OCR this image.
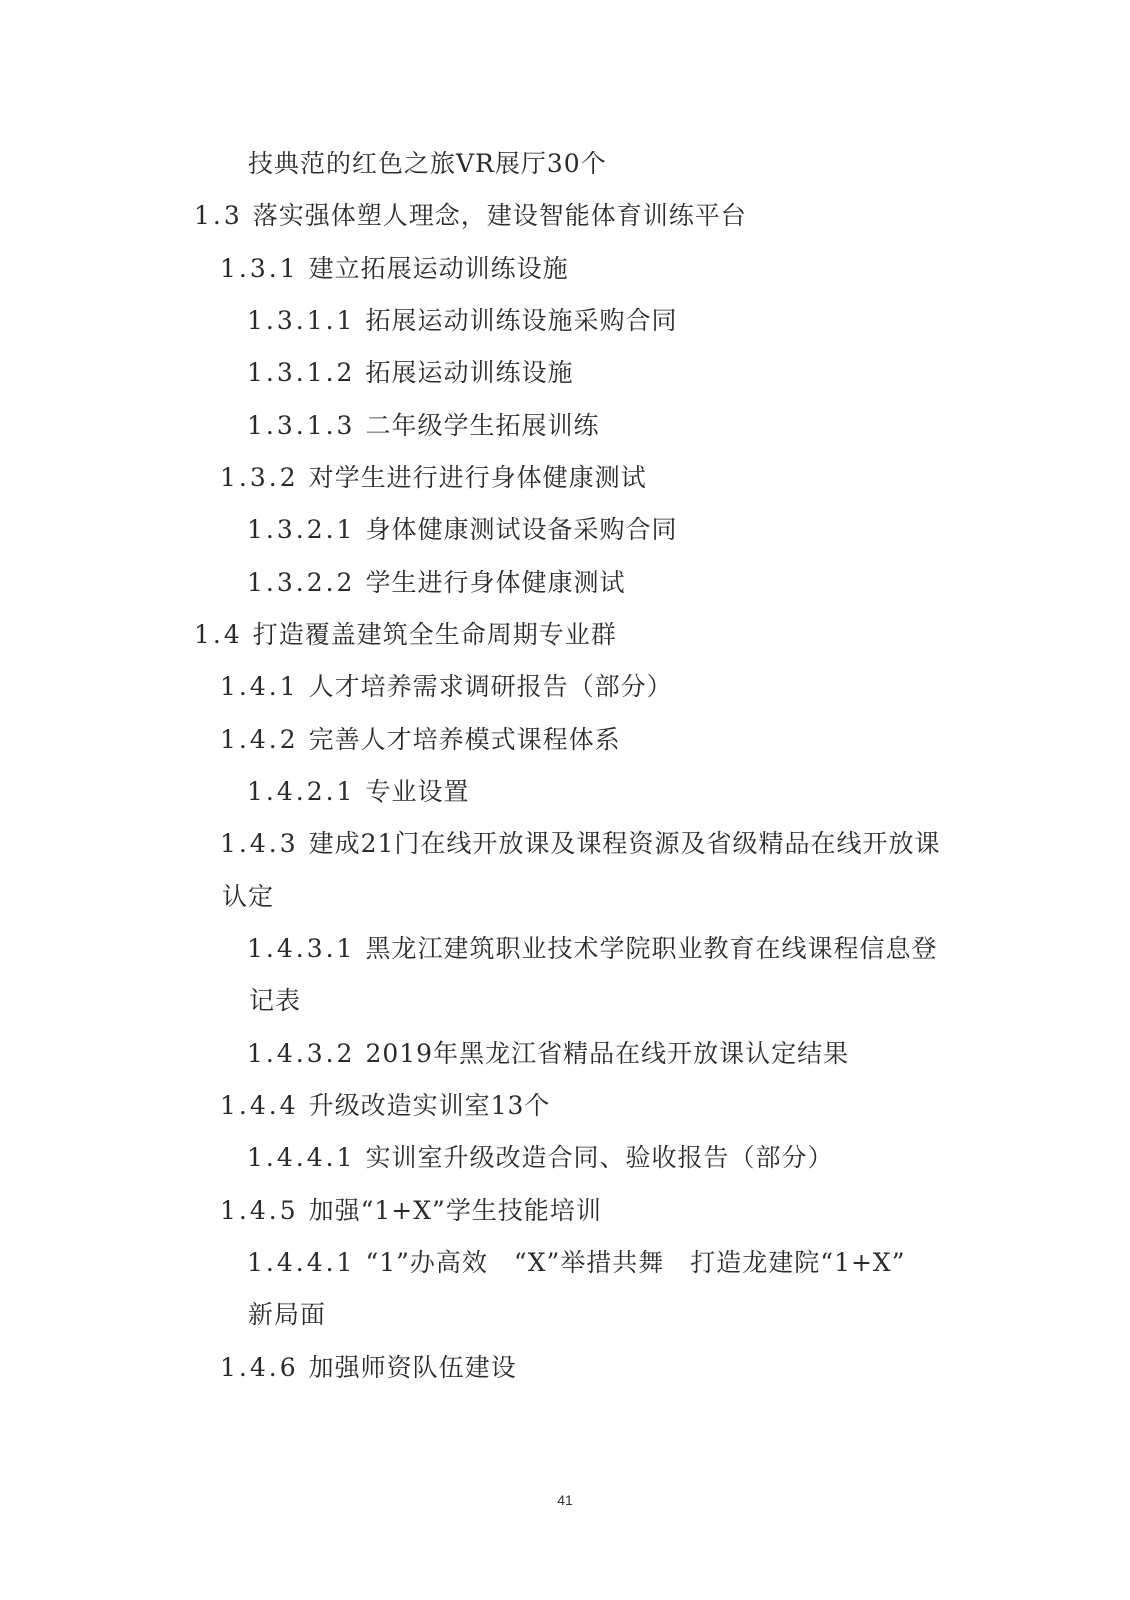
技典范的红色之旅VR展厅30个
1.3 落实强体塑人理念，建设智能体育训练平台
1.3.1 建立拓展运动训练设施
1.3.1.1 拓展运动训练设施采购合同
1.3.1.2 拓展运动训练设施
1.3.1.3 二年级学生拓展训练
1.3.2 对学生进行进行身体健康测试
1.3.2.1 身体健康测试设备采购合同
1.3.2.2 学生进行身体健康测试
1.4 打造覆盖建筑全生命周期专业群
1.4.1 人才培养需求调研报告（部分）
1.4.2 完善人才培养模式课程体系
1.4.2.1 专业设置
1.4.3 建成21门在线开放课及课程资源及省级精品在线开放课
认定
1.4.3.1 黑龙江建筑职业技术学院职业教育在线课程信息登
记表
1.4.3.2 2019年黑龙江省精品在线开放课认定结果
1.4.4 升级改造实训室13个
1.4.4.1 实训室升级改造合同、验收报告（部分）
1.4.5 加强“1+X”学生技能培训
1.4.4.1 “1”办高效　“X”举措共舞　打造龙建院“1+X”
新局面
1.4.6 加强师资队伍建设
41
